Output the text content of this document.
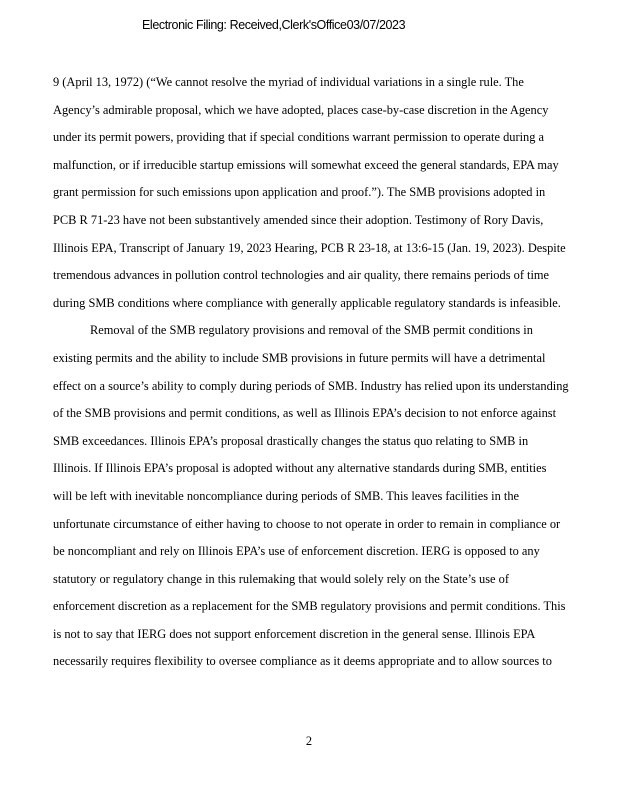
Electronic Filing: Received,Clerk'sOffice03/07/2023
9 (April 13, 1972) (“We cannot resolve the myriad of individual variations in a single rule. The
Agency’s admirable proposal, which we have adopted, places case-by-case discretion in the Agency
under its permit powers, providing that if special conditions warrant permission to operate during a
malfunction, or if irreducible startup emissions will somewhat exceed the general standards, EPA may
grant permission for such emissions upon application and proof.”). The SMB provisions adopted in
PCB R 71-23 have not been substantively amended since their adoption. Testimony of Rory Davis,
Illinois EPA, Transcript of January 19, 2023 Hearing, PCB R 23-18, at 13:6-15 (Jan. 19, 2023). Despite
tremendous advances in pollution control technologies and air quality, there remains periods of time
during SMB conditions where compliance with generally applicable regulatory standards is infeasible.
Removal of the SMB regulatory provisions and removal of the SMB permit conditions in
existing permits and the ability to include SMB provisions in future permits will have a detrimental
effect on a source’s ability to comply during periods of SMB. Industry has relied upon its understanding
of the SMB provisions and permit conditions, as well as Illinois EPA’s decision to not enforce against
SMB exceedances. Illinois EPA’s proposal drastically changes the status quo relating to SMB in
Illinois. If Illinois EPA’s proposal is adopted without any alternative standards during SMB, entities
will be left with inevitable noncompliance during periods of SMB. This leaves facilities in the
unfortunate circumstance of either having to choose to not operate in order to remain in compliance or
be noncompliant and rely on Illinois EPA’s use of enforcement discretion. IERG is opposed to any
statutory or regulatory change in this rulemaking that would solely rely on the State’s use of
enforcement discretion as a replacement for the SMB regulatory provisions and permit conditions. This
is not to say that IERG does not support enforcement discretion in the general sense. Illinois EPA
necessarily requires flexibility to oversee compliance as it deems appropriate and to allow sources to
2
